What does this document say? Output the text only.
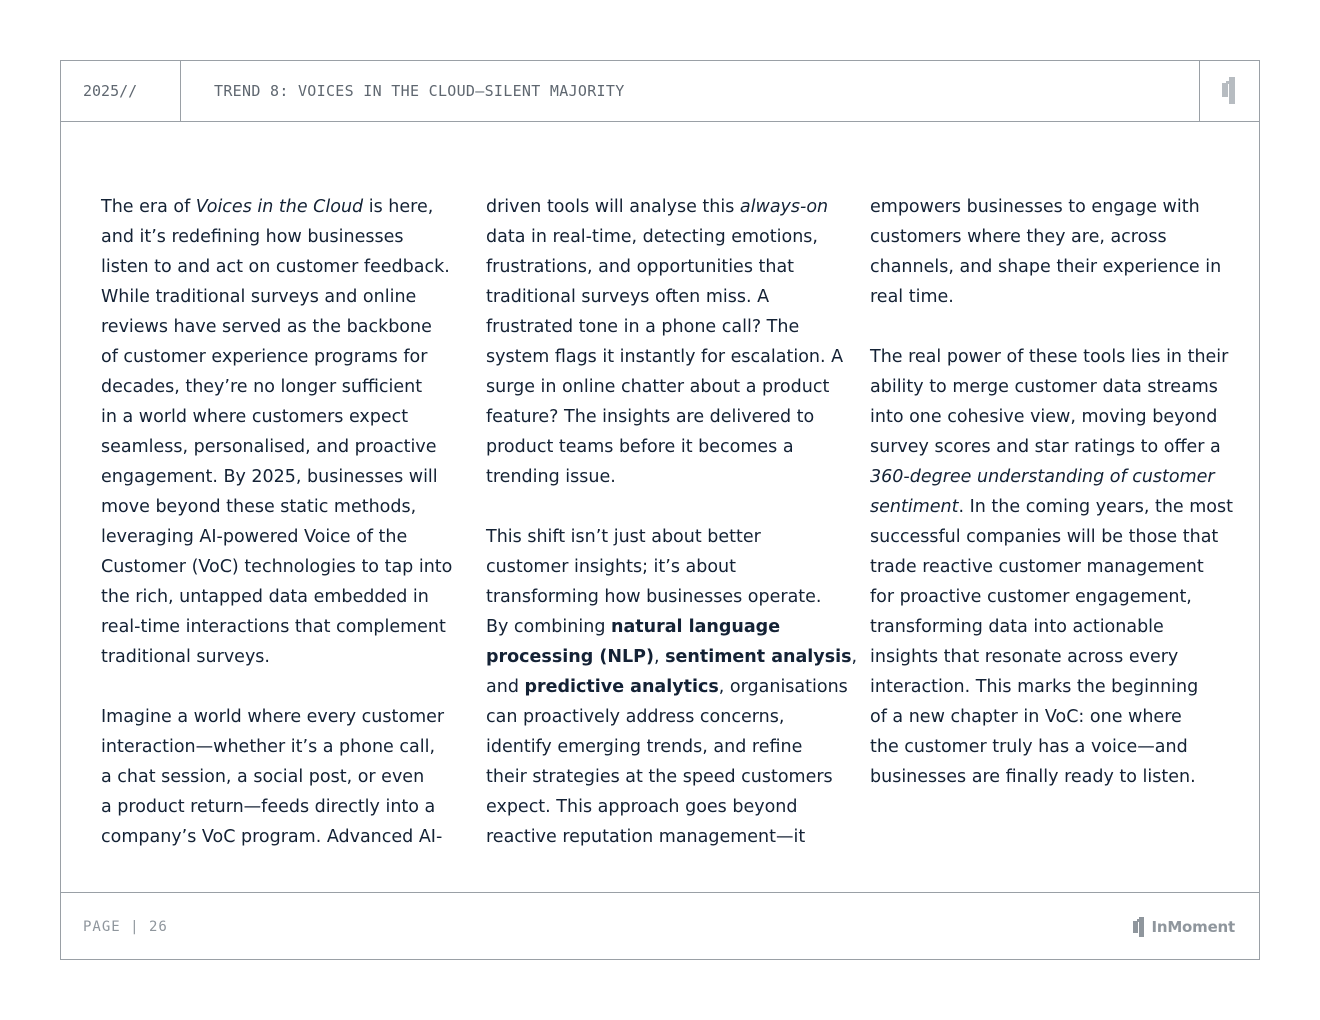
2025//	TREND 8: VOICES IN THE CLOUD—SILENT MAJORITY

The era of Voices in the Cloud is here,
and it’s redefining how businesses
listen to and act on customer feedback.
While traditional surveys and online
reviews have served as the backbone
of customer experience programs for
decades, they’re no longer sufficient
in a world where customers expect
seamless, personalised, and proactive
engagement. By 2025, businesses will
move beyond these static methods,
leveraging AI-powered Voice of the
Customer (VoC) technologies to tap into
the rich, untapped data embedded in
real-time interactions that complement
traditional surveys.

Imagine a world where every customer
interaction—whether it’s a phone call,
a chat session, a social post, or even
a product return—feeds directly into a
company’s VoC program. Advanced AI-

driven tools will analyse this always-on
data in real-time, detecting emotions,
frustrations, and opportunities that
traditional surveys often miss. A
frustrated tone in a phone call? The
system flags it instantly for escalation. A
surge in online chatter about a product
feature? The insights are delivered to
product teams before it becomes a
trending issue.

This shift isn’t just about better
customer insights; it’s about
transforming how businesses operate.
By combining natural language
processing (NLP), sentiment analysis,
and predictive analytics, organisations
can proactively address concerns,
identify emerging trends, and refine
their strategies at the speed customers
expect. This approach goes beyond
reactive reputation management—it

empowers businesses to engage with
customers where they are, across
channels, and shape their experience in
real time.

The real power of these tools lies in their
ability to merge customer data streams
into one cohesive view, moving beyond
survey scores and star ratings to offer a
360-degree understanding of customer
sentiment. In the coming years, the most
successful companies will be those that
trade reactive customer management
for proactive customer engagement,
transforming data into actionable
insights that resonate across every
interaction. This marks the beginning
of a new chapter in VoC: one where
the customer truly has a voice—and
businesses are finally ready to listen.

PAGE | 26	InMoment
